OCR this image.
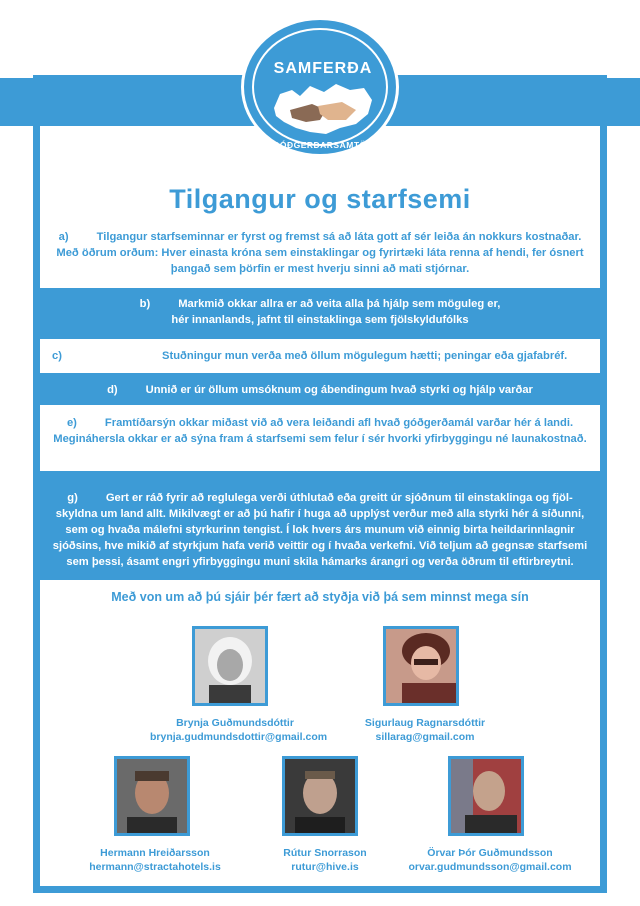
SAMFERÐA
GÓÐGERÐARSAMTÖK
Tilgangur og starfsemi
a)	Tilgangur starfseminnar er fyrst og fremst sá að láta gott af sér leiða án nokkurs kostnaðar.
Með öðrum orðum: Hver einasta króna sem einstaklingar og fyrirtæki láta renna af hendi, fer ósnert
þangað sem þörfin er mest hverju sinni að mati stjórnar.
b)	Markmið okkar allra er að veita alla þá hjálp sem möguleg er,
hér innanlands, jafnt til einstaklinga sem fjölskyldufólks
c)	Stuðningur mun verða með öllum mögulegum hætti; peningar eða gjafabréf.
d)	Unnið er úr öllum umsóknum og ábendingum hvað styrki og hjálp varðar
e)	Framtíðarsýn okkar miðast við að vera leiðandi afl hvað góðgerðamál varðar hér á landi.
Megináhersla okkar er að sýna fram á starfsemi sem felur í sér hvorki yfirbyggingu né launakostnað.
g)	Gert er ráð fyrir að reglulega verði úthlutað eða greitt úr sjóðnum til einstaklinga og fjöl-
skyldna um land allt. Mikilvægt er að þú hafir í huga að upplýst verður með alla styrki hér á síðunni,
sem og hvaða málefni styrkurinn tengist. Í lok hvers árs munum við einnig birta heildarinnlagnir
sjóðsins, hve mikið af styrkjum hafa verið veittir og í hvaða verkefni. Við teljum að gegnsæ starfsemi
sem þessi, ásamt engri yfirbyggingu muni skila hámarks árangri og verða öðrum til eftirbreytni.
Með von um að þú sjáir þér fært að styðja við þá sem minnst mega sín
Brynja Guðmundsdóttir
brynja.gudmundsdottir@gmail.com
Sigurlaug Ragnarsdóttir
sillarag@gmail.com
Hermann Hreiðarsson
hermann@stractahotels.is
Rútur Snorrason
rutur@hive.is
Örvar Þór Guðmundsson
orvar.gudmundsson@gmail.com
